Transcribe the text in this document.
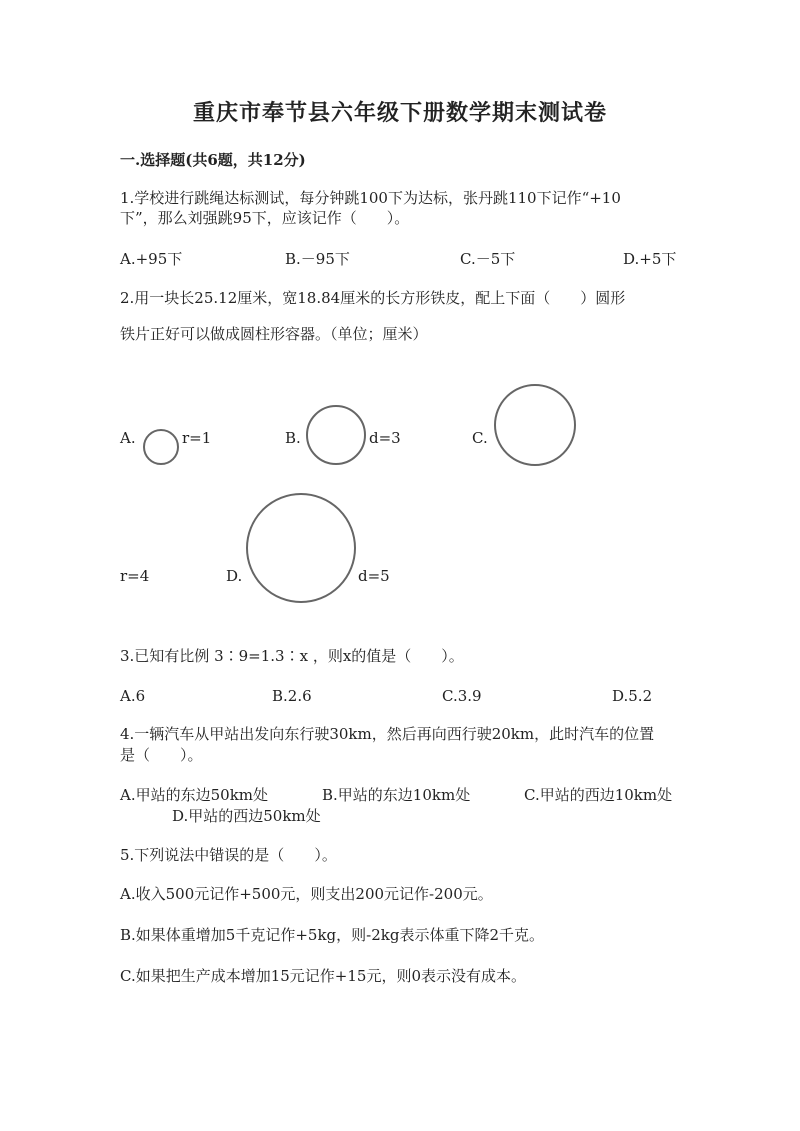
重庆市奉节县六年级下册数学期末测试卷
一.选择题(共6题，共12分)
1.学校进行跳绳达标测试，每分钟跳100下为达标，张丹跳110下记作“+10
下”，那么刘强跳95下，应该记作（　　）。
A.+95下	B.－95下	C.－5下	D.+5下
2.用一块长25.12厘米，宽18.84厘米的长方形铁皮，配上下面（　　）圆形
铁片正好可以做成圆柱形容器。（单位；厘米）
A.	r=1	B.	d=3	C.
r=4	D.	d=5
3.已知有比例 3∶9=1.3∶x ，则x的值是（　　）。
A.6	B.2.6	C.3.9	D.5.2
4.一辆汽车从甲站出发向东行驶30km，然后再向西行驶20km，此时汽车的位置
是（　　）。
A.甲站的东边50km处	B.甲站的东边10km处	C.甲站的西边10km处
D.甲站的西边50km处
5.下列说法中错误的是（　　）。
A.收入500元记作+500元，则支出200元记作-200元。
B.如果体重增加5千克记作+5kg，则-2kg表示体重下降2千克。
C.如果把生产成本增加15元记作+15元，则0表示没有成本。
